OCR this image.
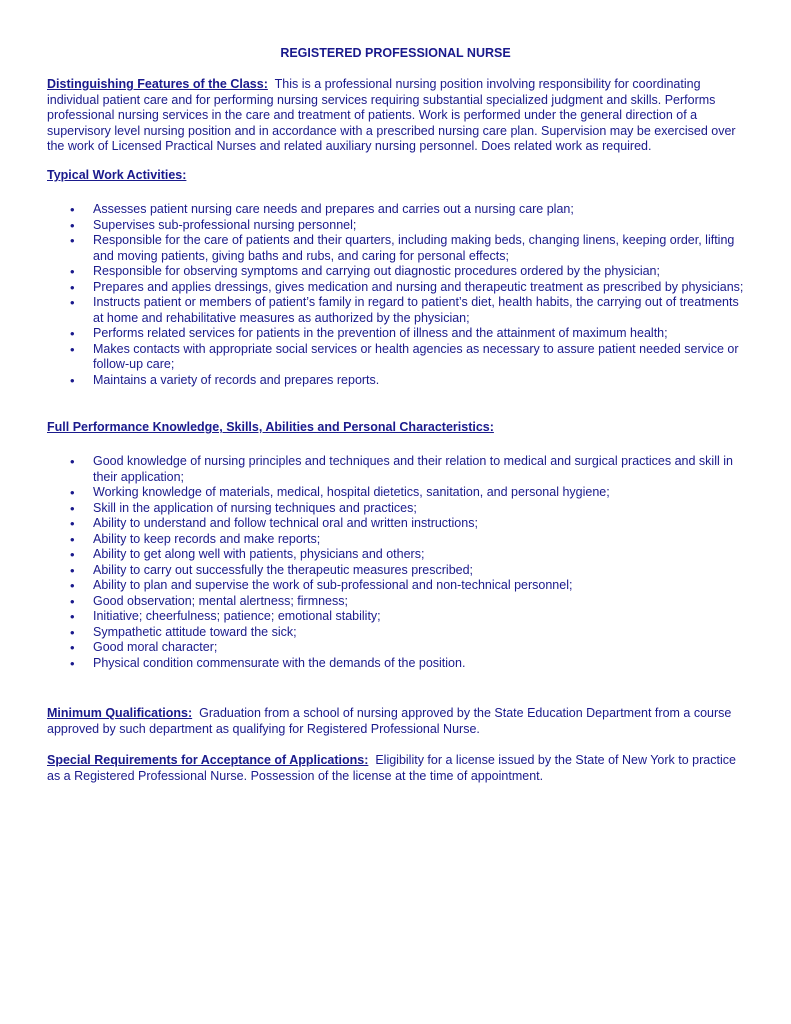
REGISTERED PROFESSIONAL NURSE

Distinguishing Features of the Class: This is a professional nursing position involving responsibility for coordinating individual patient care and for performing nursing services requiring substantial specialized judgment and skills. Performs professional nursing services in the care and treatment of patients. Work is performed under the general direction of a supervisory level nursing position and in accordance with a prescribed nursing care plan. Supervision may be exercised over the work of Licensed Practical Nurses and related auxiliary nursing personnel. Does related work as required.

Typical Work Activities:
• Assesses patient nursing care needs and prepares and carries out a nursing care plan;
• Supervises sub-professional nursing personnel;
• Responsible for the care of patients and their quarters, including making beds, changing linens, keeping order, lifting and moving patients, giving baths and rubs, and caring for personal effects;
• Responsible for observing symptoms and carrying out diagnostic procedures ordered by the physician;
• Prepares and applies dressings, gives medication and nursing and therapeutic treatment as prescribed by physicians;
• Instructs patient or members of patient’s family in regard to patient’s diet, health habits, the carrying out of treatments at home and rehabilitative measures as authorized by the physician;
• Performs related services for patients in the prevention of illness and the attainment of maximum health;
• Makes contacts with appropriate social services or health agencies as necessary to assure patient needed service or follow-up care;
• Maintains a variety of records and prepares reports.
Full Performance Knowledge, Skills, Abilities and Personal Characteristics:
• Good knowledge of nursing principles and techniques and their relation to medical and surgical practices and skill in their application;
• Working knowledge of materials, medical, hospital dietetics, sanitation, and personal hygiene;
• Skill in the application of nursing techniques and practices;
• Ability to understand and follow technical oral and written instructions;
• Ability to keep records and make reports;
• Ability to get along well with patients, physicians and others;
• Ability to carry out successfully the therapeutic measures prescribed;
• Ability to plan and supervise the work of sub-professional and non-technical personnel;
• Good observation; mental alertness; firmness;
• Initiative; cheerfulness; patience; emotional stability;
• Sympathetic attitude toward the sick;
• Good moral character;
• Physical condition commensurate with the demands of the position.

Minimum Qualifications: Graduation from a school of nursing approved by the State Education Department from a course approved by such department as qualifying for Registered Professional Nurse.

Special Requirements for Acceptance of Applications: Eligibility for a license issued by the State of New York to practice as a Registered Professional Nurse. Possession of the license at the time of appointment.
